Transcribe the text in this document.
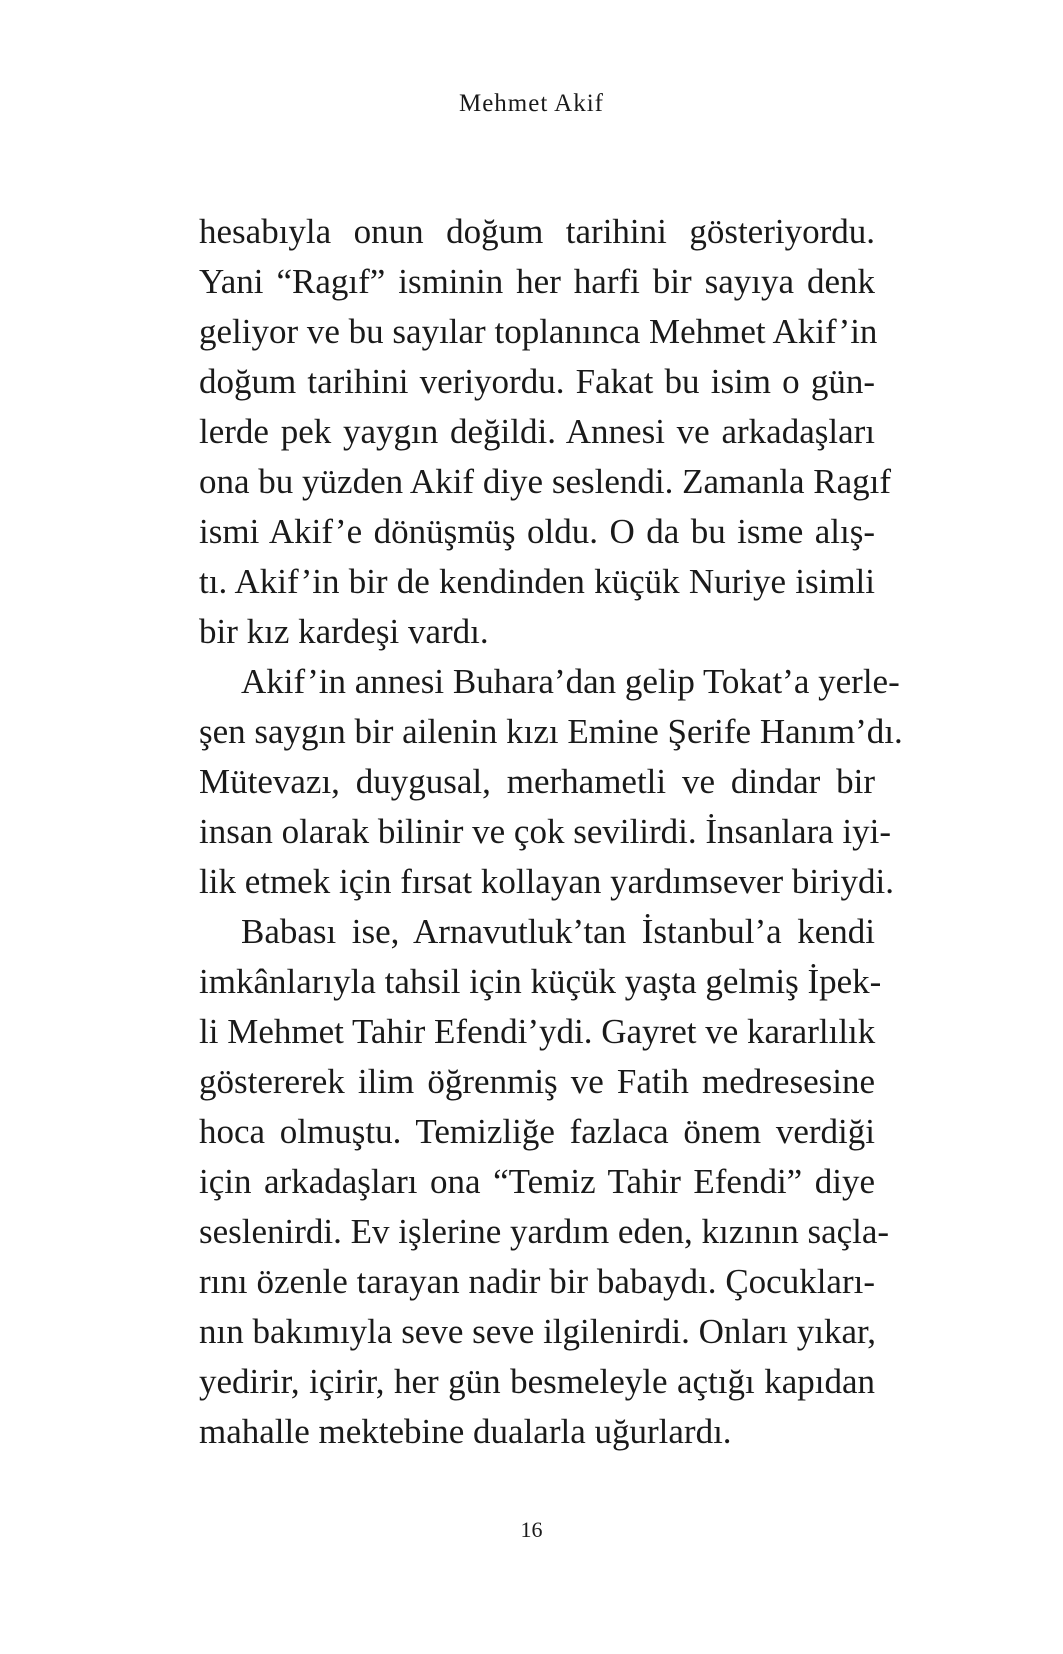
Mehmet Akif
hesabıyla onun doğum tarihini gösteriyordu.
Yani “Ragıf” isminin her harfi bir sayıya denk
geliyor ve bu sayılar toplanınca Mehmet Akif’in
doğum tarihini veriyordu. Fakat bu isim o gün-
lerde pek yaygın değildi. Annesi ve arkadaşları
ona bu yüzden Akif diye seslendi. Zamanla Ragıf
ismi Akif’e dönüşmüş oldu. O da bu isme alış-
tı. Akif’in bir de kendinden küçük Nuriye isimli
bir kız kardeşi vardı.
Akif’in annesi Buhara’dan gelip Tokat’a yerle-
şen saygın bir ailenin kızı Emine Şerife Hanım’dı.
Mütevazı, duygusal, merhametli ve dindar bir
insan olarak bilinir ve çok sevilirdi. İnsanlara iyi-
lik etmek için fırsat kollayan yardımsever biriydi.
Babası ise, Arnavutluk’tan İstanbul’a kendi
imkânlarıyla tahsil için küçük yaşta gelmiş İpek-
li Mehmet Tahir Efendi’ydi. Gayret ve kararlılık
göstererek ilim öğrenmiş ve Fatih medresesine
hoca olmuştu. Temizliğe fazlaca önem verdiği
için arkadaşları ona “Temiz Tahir Efendi” diye
seslenirdi. Ev işlerine yardım eden, kızının saçla-
rını özenle tarayan nadir bir babaydı. Çocukları-
nın bakımıyla seve seve ilgilenirdi. Onları yıkar,
yedirir, içirir, her gün besmeleyle açtığı kapıdan
mahalle mektebine dualarla uğurlardı.
16
